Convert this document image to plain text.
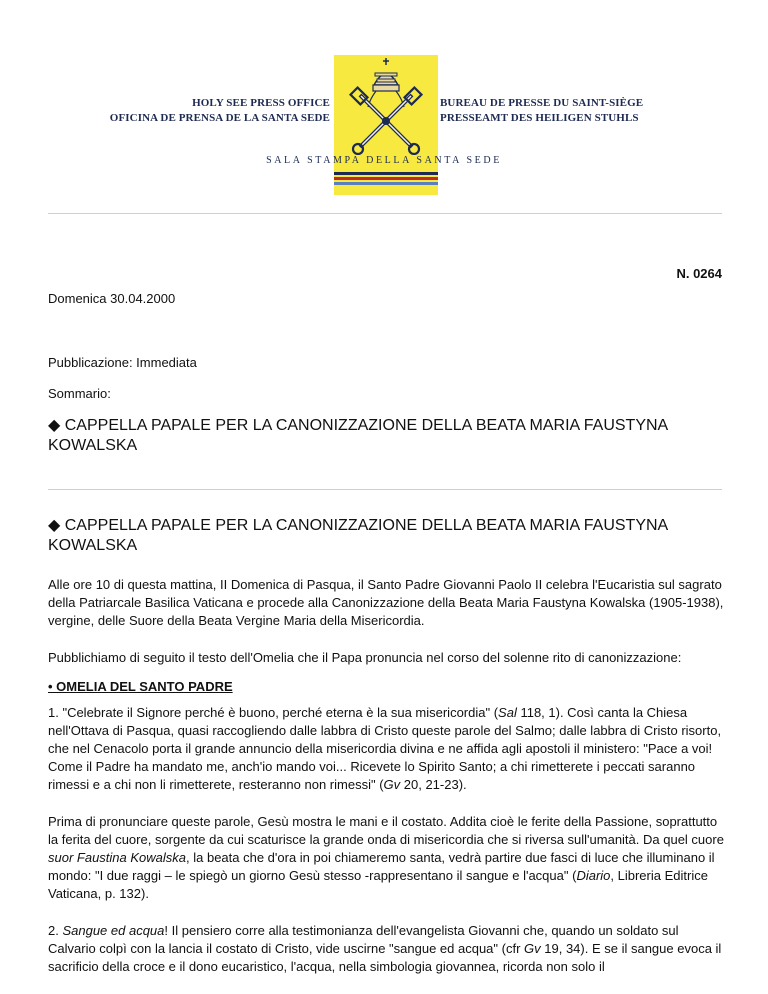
HOLY SEE PRESS OFFICE
OFICINA DE PRENSA DE LA SANTA SEDE
BUREAU DE PRESSE DU SAINT-SIÈGE
PRESSEAMT DES HEILIGEN STUHLS
SALA STAMPA DELLA SANTA SEDE
N. 0264
Domenica 30.04.2000
Pubblicazione: Immediata
Sommario:
◆ CAPPELLA PAPALE PER LA CANONIZZAZIONE DELLA BEATA MARIA FAUSTYNA
KOWALSKA
◆ CAPPELLA PAPALE PER LA CANONIZZAZIONE DELLA BEATA MARIA FAUSTYNA
KOWALSKA
Alle ore 10 di questa mattina, II Domenica di Pasqua, il Santo Padre Giovanni Paolo II celebra l'Eucaristia sul sagrato della Patriarcale Basilica Vaticana e procede alla Canonizzazione della Beata Maria Faustyna Kowalska (1905-1938), vergine, delle Suore della Beata Vergine Maria della Misericordia.
Pubblichiamo di seguito il testo dell'Omelia che il Papa pronuncia nel corso del solenne rito di canonizzazione:
• OMELIA DEL SANTO PADRE
1. "Celebrate il Signore perché è buono, perché eterna è la sua misericordia" (Sal 118, 1). Così canta la Chiesa nell'Ottava di Pasqua, quasi raccogliendo dalle labbra di Cristo queste parole del Salmo; dalle labbra di Cristo risorto, che nel Cenacolo porta il grande annuncio della misericordia divina e ne affida agli apostoli il ministero: "Pace a voi! Come il Padre ha mandato me, anch'io mando voi... Ricevete lo Spirito Santo; a chi rimetterete i peccati saranno rimessi e a chi non li rimetterete, resteranno non rimessi" (Gv 20, 21-23).
Prima di pronunciare queste parole, Gesù mostra le mani e il costato. Addita cioè le ferite della Passione, soprattutto la ferita del cuore, sorgente da cui scaturisce la grande onda di misericordia che si riversa sull'umanità. Da quel cuore suor Faustina Kowalska, la beata che d'ora in poi chiameremo santa, vedrà partire due fasci di luce che illuminano il mondo: "I due raggi – le spiegò un giorno Gesù stesso -rappresentano il sangue e l'acqua" (Diario, Libreria Editrice Vaticana, p. 132).
2. Sangue ed acqua! Il pensiero corre alla testimonianza dell'evangelista Giovanni che, quando un soldato sul Calvario colpì con la lancia il costato di Cristo, vide uscirne "sangue ed acqua" (cfr Gv 19, 34). E se il sangue evoca il sacrificio della croce e il dono eucaristico, l'acqua, nella simbologia giovannea, ricorda non solo il
